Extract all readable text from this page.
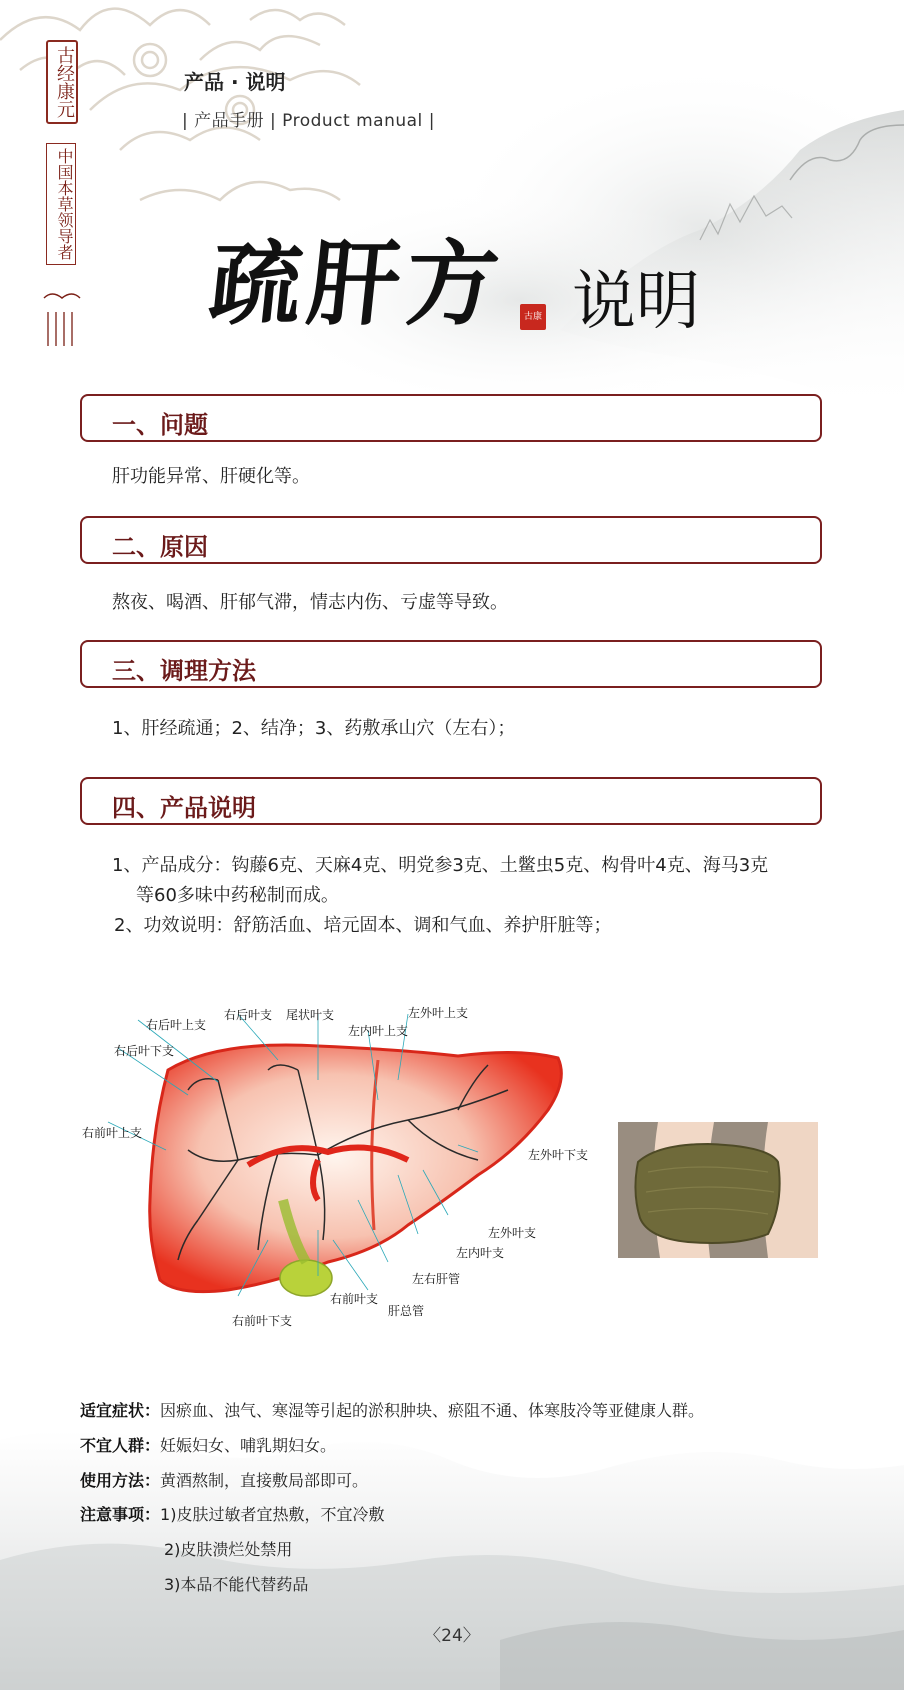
古经康元
中国本草领导者
产品 · 说明
| 产品手册 | Product manual |
疏肝方	古康 说明
一、问题
肝功能异常、肝硬化等。
二、原因
熬夜、喝酒、肝郁气滞，情志内伤、亏虚等导致。
三、调理方法
1、肝经疏通；2、结净；3、药敷承山穴（左右）；
四、产品说明
1、产品成分：钩藤6克、天麻4克、明党参3克、土鳖虫5克、构骨叶4克、海马3克
等60多味中药秘制而成。
2、功效说明：舒筋活血、培元固本、调和气血、养护肝脏等；
右后叶上支
右后叶支 尾状叶支	左外叶上支
左内叶上支
右后叶下支
右前叶上支
左外叶下支
左外叶支
左内叶支
左右肝管
右前叶支
肝总管
右前叶下支
适宜症状：因瘀血、浊气、寒湿等引起的淤积肿块、瘀阻不通、体寒肢冷等亚健康人群。
不宜人群：妊娠妇女、哺乳期妇女。
使用方法：黄酒熬制，直接敷局部即可。
注意事项：1)皮肤过敏者宜热敷，不宜冷敷
2)皮肤溃烂处禁用
3)本品不能代替药品
〈24〉
